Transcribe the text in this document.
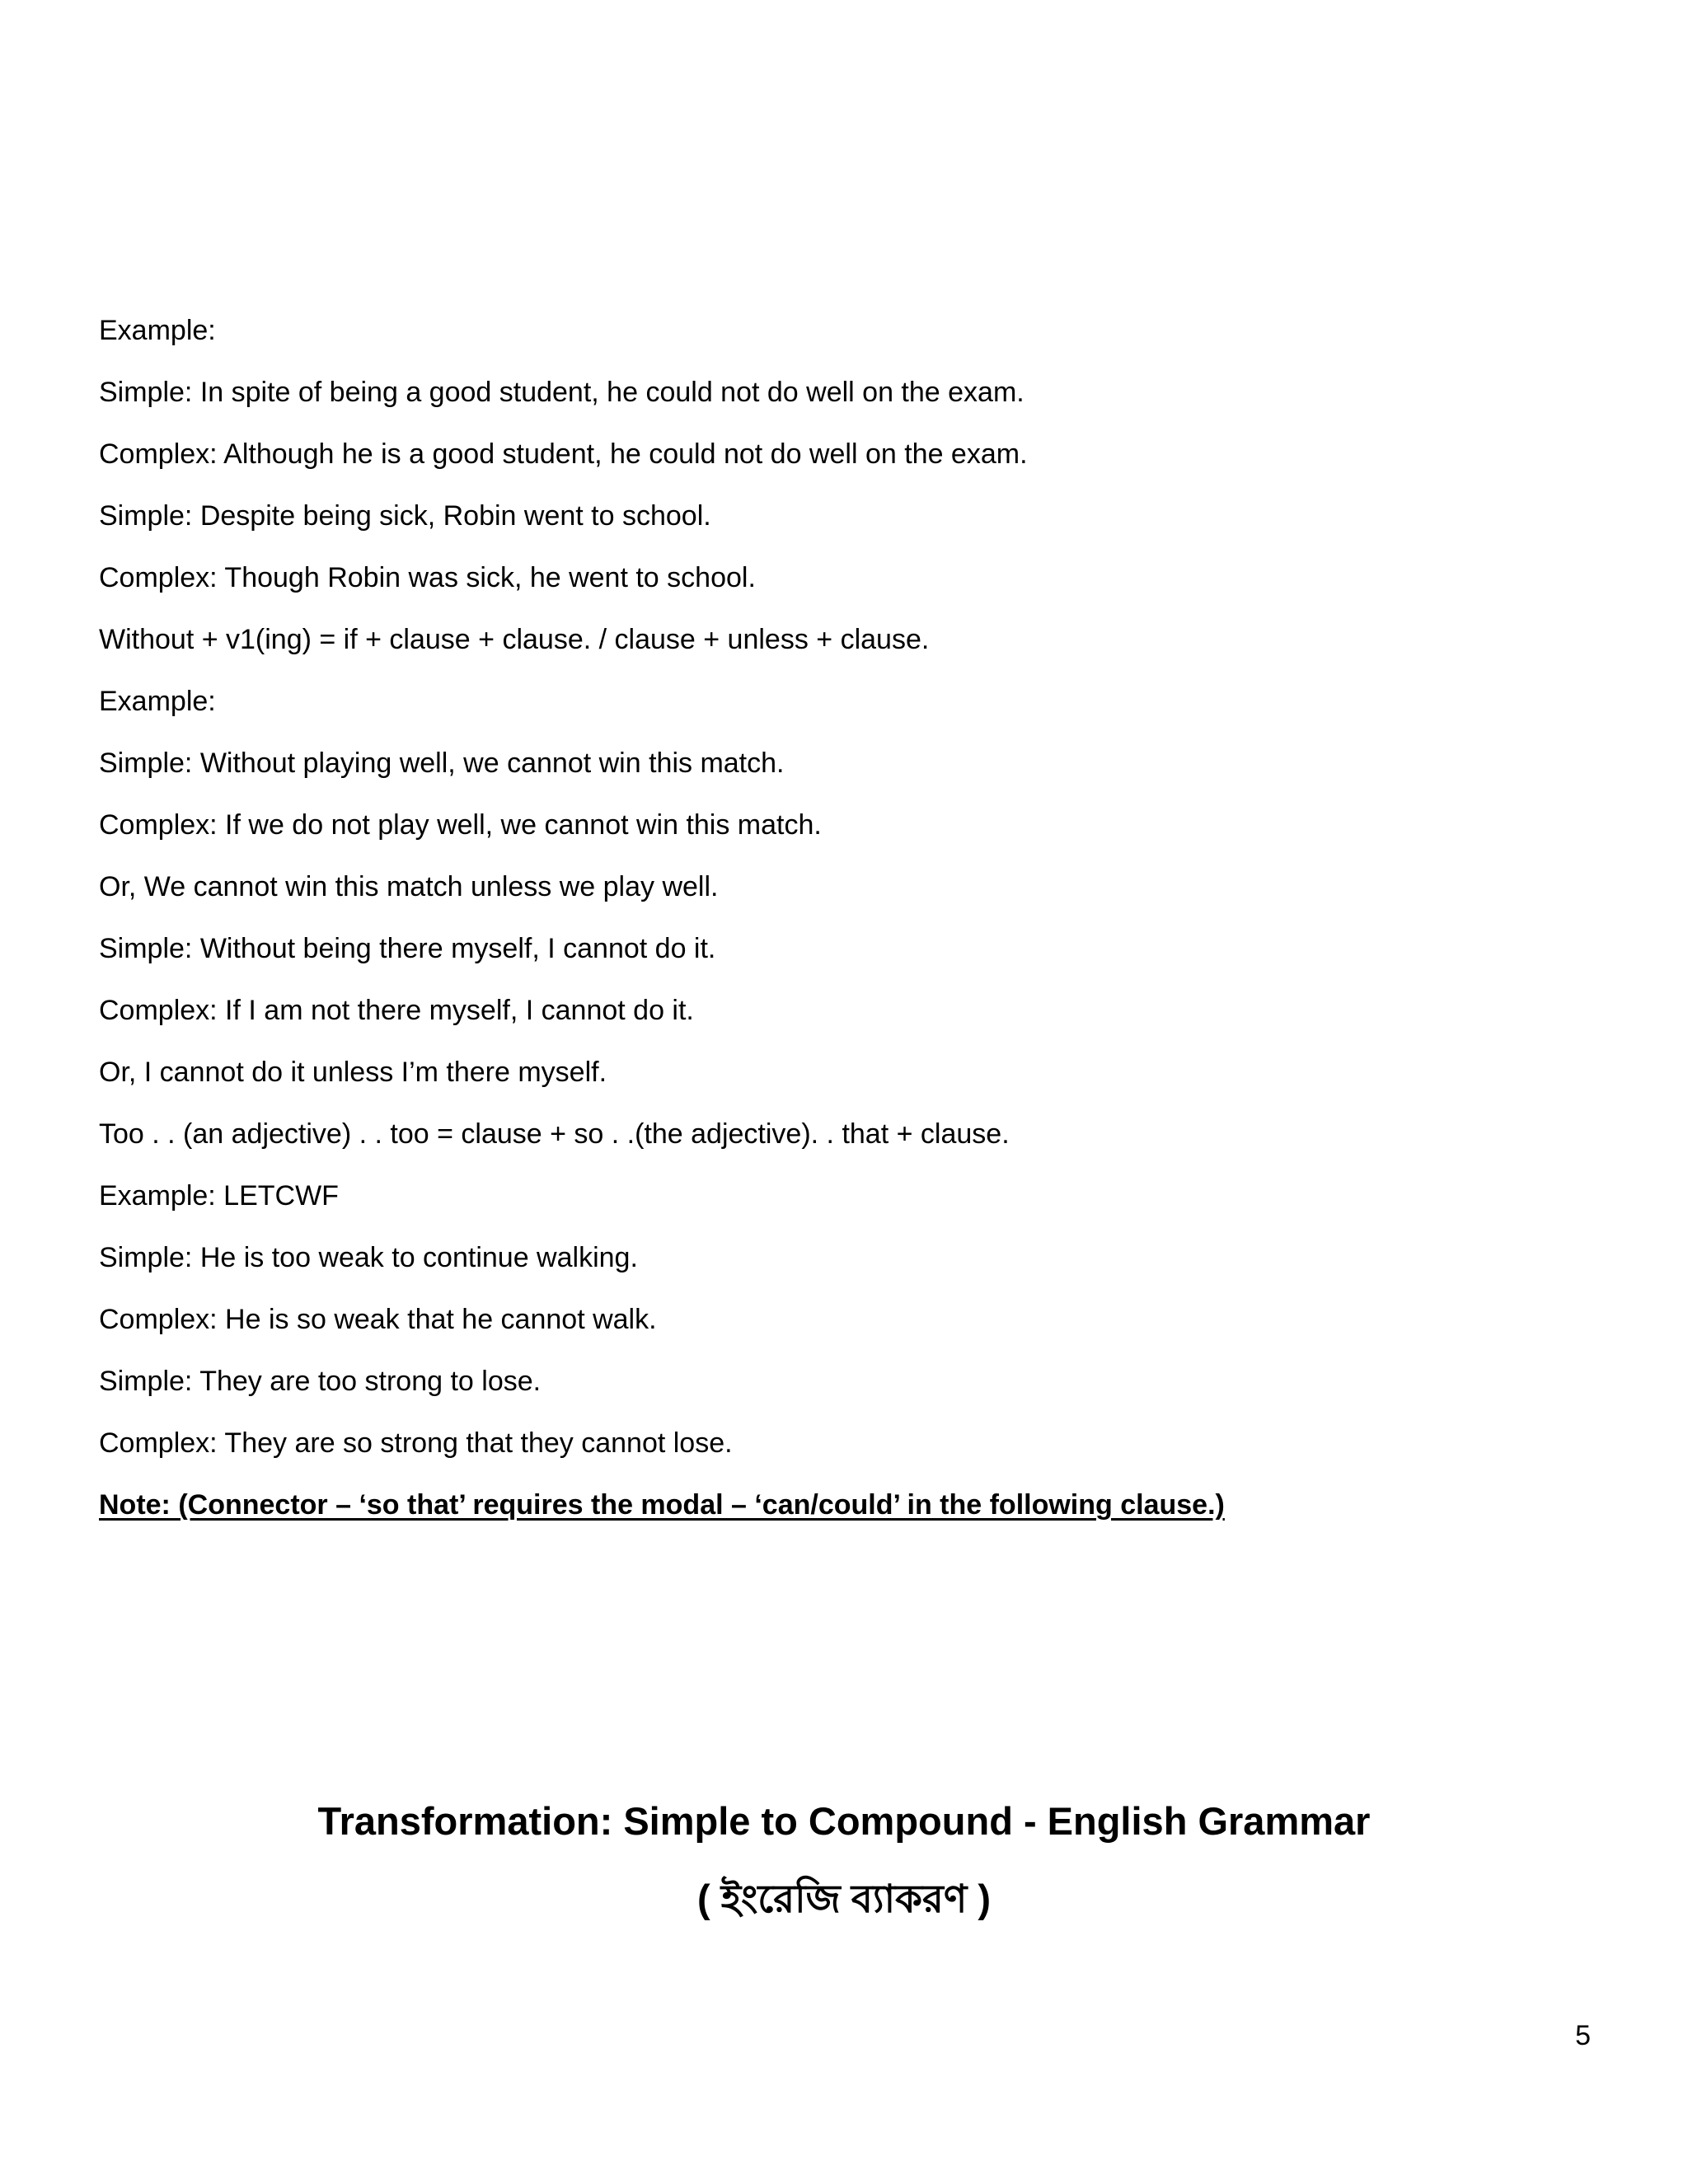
Example:
Simple: In spite of being a good student, he could not do well on the exam.
Complex: Although he is a good student, he could not do well on the exam.
Simple: Despite being sick, Robin went to school.
Complex: Though Robin was sick, he went to school.
Without + v1(ing) = if + clause + clause. / clause + unless + clause.
Example:
Simple: Without playing well, we cannot win this match.
Complex: If we do not play well, we cannot win this match.
Or, We cannot win this match unless we play well.
Simple: Without being there myself, I cannot do it.
Complex: If I am not there myself, I cannot do it.
Or, I cannot do it unless I’m there myself.
Too . . (an adjective) . . too = clause + so . .(the adjective). . that + clause.
Example: LETCWF
Simple: He is too weak to continue walking.
Complex: He is so weak that he cannot walk.
Simple: They are too strong to lose.
Complex: They are so strong that they cannot lose.
Note: (Connector – ‘so that’ requires the modal – ‘can/could’ in the following clause.)
Transformation: Simple to Compound - English Grammar
( ইংরেজি ব্যাকরণ )
5
